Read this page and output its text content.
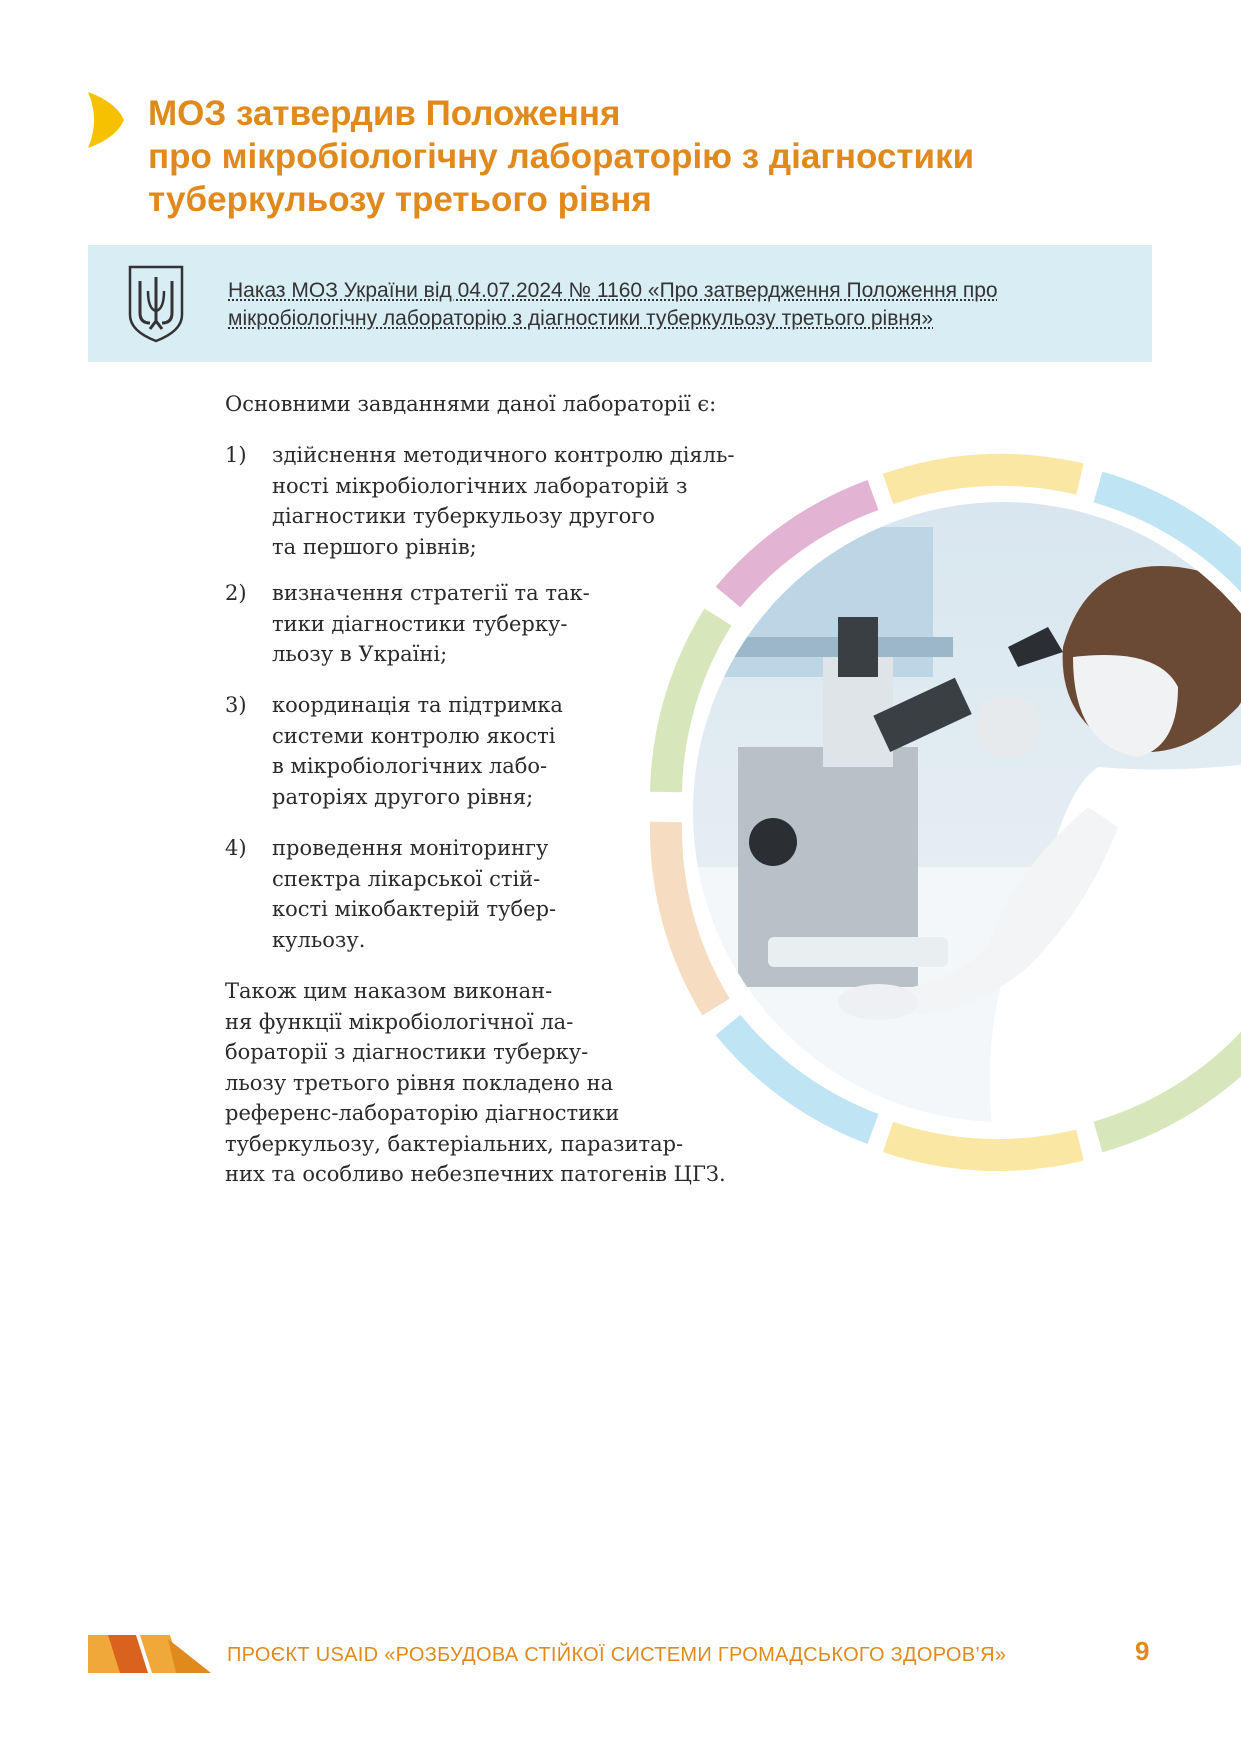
МОЗ затвердив Положення
про мікробіологічну лабораторію з діагностики
туберкульозу третього рівня
Наказ МОЗ України від 04.07.2024 № 1160 «Про затвердження Положення про
мікробіологічну лабораторію з діагностики туберкульозу третього рівня»

Основними завданнями даної лабораторії є:

1) здійснення методичного контролю діяль-
ності мікробіологічних лабораторій з
діагностики туберкульозу другого
та першого рівнів;
2) визначення стратегії та так-
тики діагностики туберку-
льозу в Україні;
3) координація та підтримка
системи контролю якості
в мікробіологічних лабо-
раторіях другого рівня;
4) проведення моніторингу
спектра лікарської стій-
кості мікобактерій тубер-
кульозу.
Також цим наказом виконан-
ня функції мікробіологічної ла-
бораторії з діагностики туберку-
льозу третього рівня покладено на
референс-лабораторію діагностики
туберкульозу, бактеріальних, паразитар-
них та особливо небезпечних патогенів ЦГЗ.
ПРОЄКТ USAID «РОЗБУДОВА СТІЙКОЇ СИСТЕМИ ГРОМАДСЬКОГО ЗДОРОВ’Я»	9
